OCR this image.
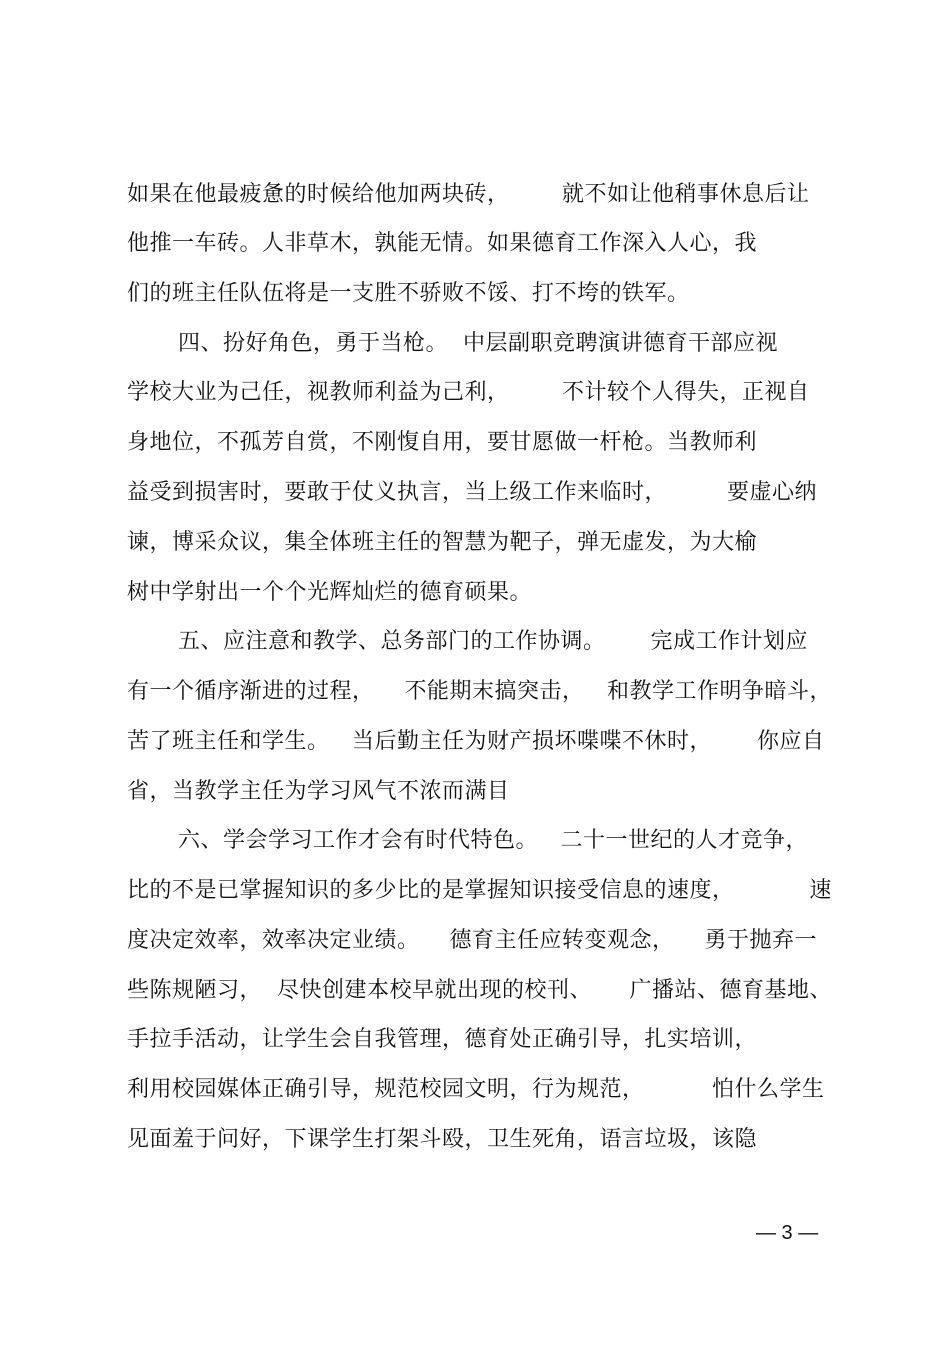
如果在他最疲惫的时候给他加两块砖，       就不如让他稍事休息后让
他推一车砖。人非草木，孰能无情。如果德育工作深入人心，我
们的班主任队伍将是一支胜不骄败不馁、打不垮的铁军。
四、扮好角色，勇于当枪。  中层副职竞聘演讲德育干部应视
学校大业为己任，视教师利益为己利，       不计较个人得失，正视自
身地位，不孤芳自赏，不刚愎自用，要甘愿做一杆枪。当教师利
益受到损害时，要敢于仗义执言，当上级工作来临时，        要虚心纳
谏，博采众议，集全体班主任的智慧为靶子，弹无虚发，为大榆
树中学射出一个个光辉灿烂的德育硕果。
五、应注意和教学、总务部门的工作协调。      完成工作计划应
有一个循序渐进的过程，    不能期末搞突击，   和教学工作明争暗斗，
苦了班主任和学生。   当后勤主任为财产损坏喋喋不休时，      你应自
省，当教学主任为学习风气不浓而满目
六、学会学习工作才会有时代特色。   二十一世纪的人才竞争，
比的不是已掌握知识的多少比的是掌握知识接受信息的速度，          速
度决定效率，效率决定业绩。    德育主任应转变观念，    勇于抛弃一
些陈规陋习，  尽快创建本校早就出现的校刊、     广播站、德育基地、
手拉手活动，让学生会自我管理，德育处正确引导，扎实培训，
利用校园媒体正确引导，规范校园文明，行为规范，         怕什么学生
见面羞于问好，下课学生打架斗殴，卫生死角，语言垃圾，该隐
— 3 —
